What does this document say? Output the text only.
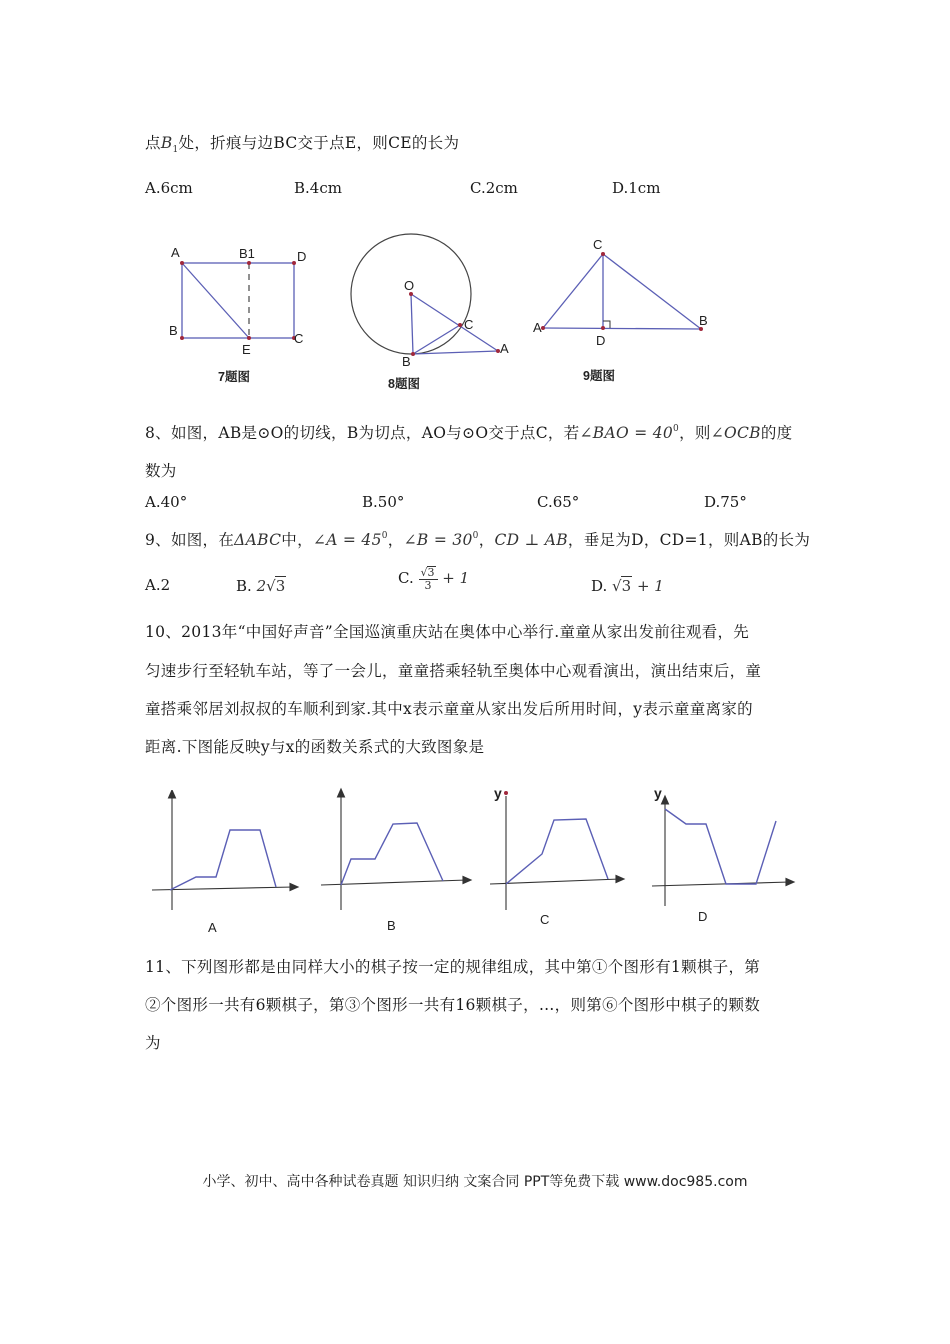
点$B_1$处，折痕与边BC交于点E，则CE的长为
A.6cm	B.4cm	C.2cm	D.1cm
A	B1	D
B
E
C
7题图
O
C
B
A
8题图
C
A
D
B
9题图
8、如图，AB是⊙O的切线，B为切点，AO与⊙O交于点C，若∠BAO = $40^0$，则∠OCB的度
数为
A.40°	B.50°	C.65°	D.75°
9、如图，在ΔABC中，∠A = $45^0$，∠B = $30^0$，CD ⊥ AB，垂足为D，CD=1，则AB的长为
A.2	B. 2√3	C. $\frac{√3}{3} + 1$	D. √3 + 1
10、2013年“中国好声音”全国巡演重庆站在奥体中心举行.童童从家出发前往观看，先
匀速步行至轻轨车站，等了一会儿，童童搭乘轻轨至奥体中心观看演出，演出结束后，童
童搭乘邻居刘叔叔的车顺利到家.其中x表示童童从家出发后所用时间，y表示童童离家的
距离.下图能反映y与x的函数关系式的大致图象是
A	B
y
C
y
D
11、下列图形都是由同样大小的棋子按一定的规律组成，其中第①个图形有1颗棋子，第
②个图形一共有6颗棋子，第③个图形一共有16颗棋子，…，则第⑥个图形中棋子的颗数
为
小学、初中、高中各种试卷真题 知识归纳 文案合同 PPT等免费下载 www.doc985.com
